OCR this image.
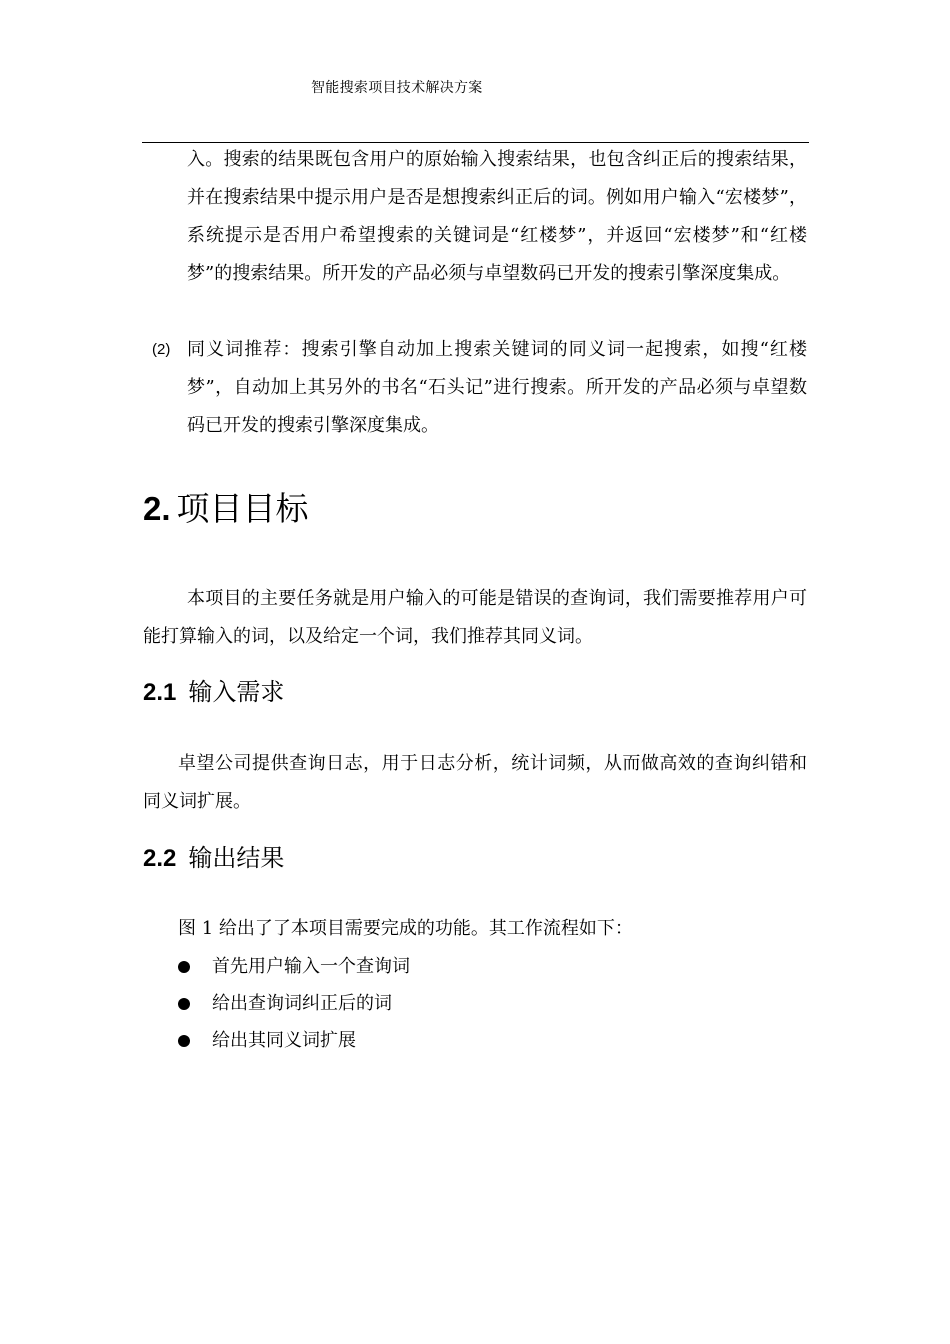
智能搜索项目技术解决方案

入。搜索的结果既包含用户的原始输入搜索结果，也包含纠正后的搜索结果，并在搜索结果中提示用户是否是想搜索纠正后的词。例如用户输入“宏楼梦”，系统提示是否用户希望搜索的关键词是“红楼梦”，并返回“宏楼梦”和“红楼梦”的搜索结果。所开发的产品必须与卓望数码已开发的搜索引擎深度集成。

(2) 同义词推荐：搜索引擎自动加上搜索关键词的同义词一起搜索，如搜“红楼梦”，自动加上其另外的书名“石头记”进行搜索。所开发的产品必须与卓望数码已开发的搜索引擎深度集成。

2. 项目目标

本项目的主要任务就是用户输入的可能是错误的查询词，我们需要推荐用户可能打算输入的词，以及给定一个词，我们推荐其同义词。

2.1 输入需求

卓望公司提供查询日志，用于日志分析，统计词频，从而做高效的查询纠错和同义词扩展。

2.2 输出结果

图 1 给出了了本项目需要完成的功能。其工作流程如下：

首先用户输入一个查询词
给出查询词纠正后的词
给出其同义词扩展
